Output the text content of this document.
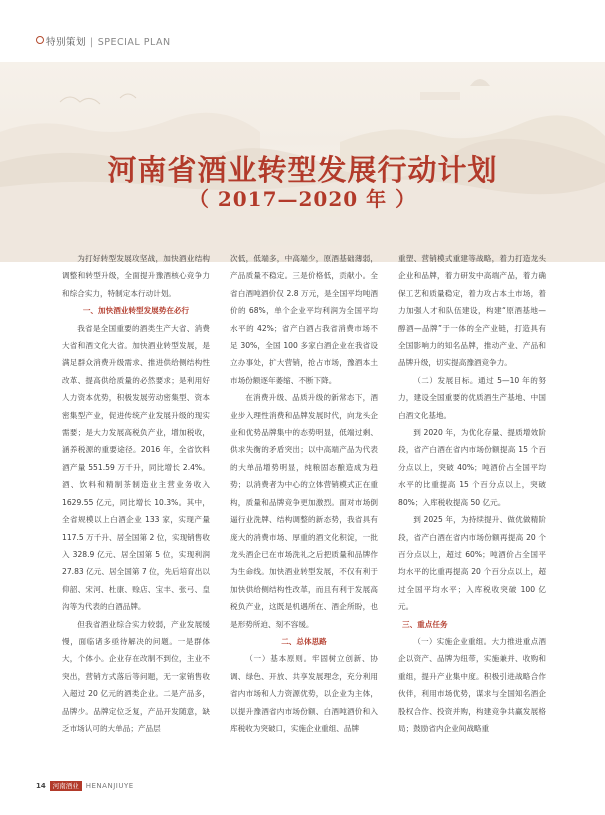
特别策划 | SPECIAL PLAN
河南省酒业转型发展行动计划
（ 2017—2020 年 ）

为打好转型发展攻坚战，加快酒业结构调整和转型升级，全面提升豫酒核心竞争力和综合实力，特制定本行动计划。

一、加快酒业转型发展势在必行

我省是全国重要的酒类生产大省、消费大省和酒文化大省。加快酒业转型发展，是满足群众消费升级需求、推进供给侧结构性改革、提高供给质量的必然要求；是利用好人力资本优势，积极发展劳动密集型、资本密集型产业，促进传统产业发展升级的现实需要；是大力发展高税负产业，增加税收，涵养税源的重要途径。2016 年，全省饮料酒产量 551.59 万千升，同比增长 2.4%。酒、饮料和精制茶制造业主营业务收入 1629.55 亿元，同比增长 10.3%。其中，全省规模以上白酒企业 133 家，实现产量 117.5 万千升、居全国第 2 位，实现销售收入 328.9 亿元、居全国第 5 位，实现利润 27.83 亿元、居全国第 7 位，先后培育出以仰韶、宋河、杜康、赊店、宝丰、张弓、皇沟等为代表的白酒品牌。

但我省酒业综合实力较弱，产业发展缓慢，面临诸多亟待解决的问题。一是群体大，个体小。企业存在改制不到位，主业不突出，营销方式落后等问题，无一家销售收入超过 20 亿元的酒类企业。二是产品多，品牌少。品牌定位乏复，产品开发随意，缺乏市场认可的大单品；产品层

次低，低端多，中高端少，原酒基础薄弱，产品质量不稳定。三是价格低，贡献小。全省白酒吨酒价仅 2.8 万元，是全国平均吨酒价的 68%，单个企业平均利润为全国平均水平的 42%；省产白酒占我省消费市场不足 30%，全国 100 多家白酒企业在我省设立办事处，扩大营销，抢占市场，豫酒本土市场份额逐年萎缩、不断下降。

在消费升级、品质升级的新常态下，酒业步入理性消费和品牌发展时代，向龙头企业和优势品牌集中的态势明显，低端过剩、供求失衡的矛盾突出；以中高端产品为代表的大单品增势明显，纯粮固态酿造成为趋势；以消费者为中心的立体营销模式正在重构，质量和品牌竞争更加激烈。面对市场倒逼行业洗牌、结构调整的新态势，我省具有庞大的消费市场、厚重的酒文化积淀，一批龙头酒企已在市场洗礼之后把质量和品牌作为生命线。加快酒业转型发展，不仅有利于加快供给侧结构性改革，而且有利于发展高税负产业，这既是机遇所在、酒企所盼，也是形势所迫、刻不容缓。

二、总体思路

（一）基本原则。牢固树立创新、协调、绿色、开放、共享发展理念，充分利用省内市场和人力资源优势，以企业为主体，以提升豫酒省内市场份额、白酒吨酒价和入库税收为突破口，实施企业重组、品牌

重塑、营销模式重建等战略，着力打造龙头企业和品牌，着力研发中高端产品，着力确保工艺和质量稳定，着力攻占本土市场，着力加强人才和队伍建设，构建“原酒基地—醇酒—品牌”于一体的全产业链，打造具有全国影响力的知名品牌，推动产业、产品和品牌升级，切实提高豫酒竞争力。

（二）发展目标。通过 5—10 年的努力，建设全国重要的优质酒生产基地、中国白酒文化基地。

到 2020 年，为优化存量、提质增效阶段，省产白酒在省内市场份额提高 15 个百分点以上，突破 40%；吨酒价占全国平均水平的比重提高 15 个百分点以上，突破 80%；入库税收提高 50 亿元。

到 2025 年，为持续提升、做优做精阶段，省产白酒在省内市场份额再提高 20 个百分点以上，超过 60%；吨酒价占全国平均水平的比重再提高 20 个百分点以上，超过全国平均水平；入库税收突破 100 亿元。

三、重点任务

（一）实施企业重组。大力推进重点酒企以资产、品牌为纽带，实施兼并、收购和重组，提升产业集中度。积极引进战略合作伙伴，利用市场优势，谋求与全国知名酒企股权合作、投资并购，构建竞争共赢发展格局；鼓励省内企业间战略重

14 河南酒业 HENANJIUYE
